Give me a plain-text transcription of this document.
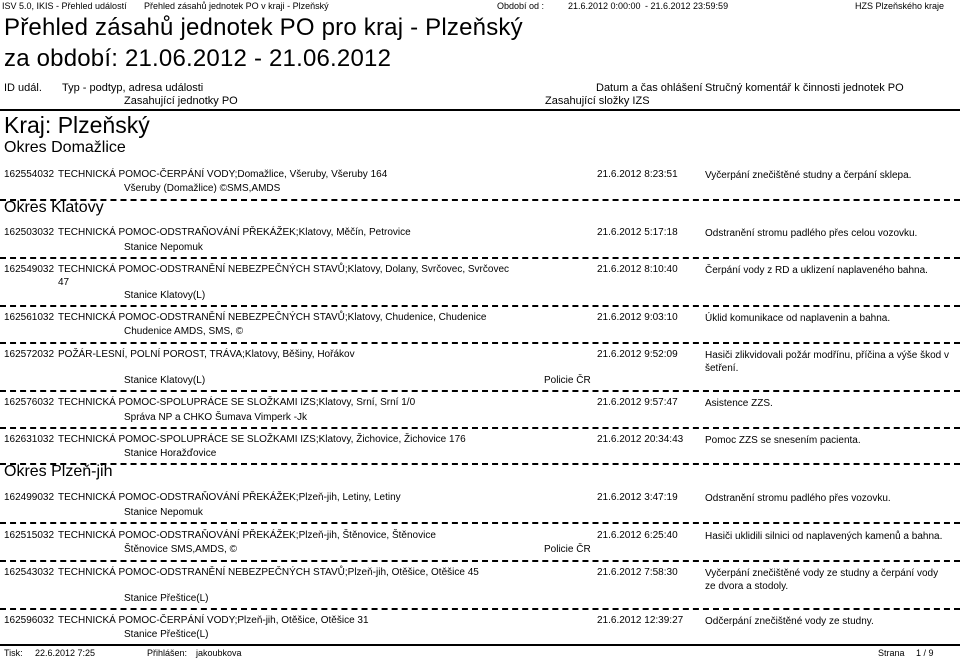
ISV 5.0, IKIS - Přehled událostí Přehled zásahů jednotek PO v kraji - Plzeňský	Období od :	21.6.2012 0:00:00 - 21.6.2012 23:59:59	HZS Plzeňského kraje
Přehled zásahů jednotek PO pro kraj - Plzeňský
za období: 21.06.2012 - 21.06.2012
ID udál. Typ - podtyp, adresa události
Zasahující jednotky PO
Datum a čas ohlášení
Zasahující složky IZS
Stručný komentář k činnosti jednotek PO
Kraj: Plzeňský
Okres Domažlice
162554032 TECHNICKÁ POMOC-ČERPÁNÍ VODY;Domažlice, Všeruby, Všeruby 164	21.6.2012 8:23:51	Vyčerpání znečištěné studny a čerpání sklepa.
Všeruby (Domažlice) ©SMS,AMDS
Okres Klatovy
162503032 TECHNICKÁ POMOC-ODSTRAŇOVÁNÍ PŘEKÁŽEK;Klatovy, Měčín, Petrovice	21.6.2012 5:17:18	Odstranění stromu padlého přes celou vozovku.
Stanice Nepomuk
162549032 TECHNICKÁ POMOC-ODSTRANĚNÍ NEBEZPEČNÝCH STAVŮ;Klatovy, Dolany, Svrčovec, Svrčovec
47
21.6.2012 8:10:40	Čerpání vody z RD a uklizení naplaveného bahna.
Stanice Klatovy(L)
162561032 TECHNICKÁ POMOC-ODSTRANĚNÍ NEBEZPEČNÝCH STAVŮ;Klatovy, Chudenice, Chudenice	21.6.2012 9:03:10	Úklid komunikace od naplavenin a bahna.
Chudenice AMDS, SMS, ©
162572032 POŽÁR-LESNÍ, POLNÍ POROST, TRÁVA;Klatovy, Běšiny, Hořákov	21.6.2012 9:52:09	Hasiči zlikvidovali požár modřínu, příčina a výše škod v šetření.
Stanice Klatovy(L)	Policie ČR
162576032 TECHNICKÁ POMOC-SPOLUPRÁCE SE SLOŽKAMI IZS;Klatovy, Srní, Srní 1/0	21.6.2012 9:57:47	Asistence ZZS.
Správa NP a CHKO Šumava Vimperk -Jk
162631032 TECHNICKÁ POMOC-SPOLUPRÁCE SE SLOŽKAMI IZS;Klatovy, Žichovice, Žichovice 176	21.6.2012 20:34:43 Pomoc ZZS se snesením pacienta.
Stanice Horažďovice
Okres Plzeň-jih
162499032 TECHNICKÁ POMOC-ODSTRAŇOVÁNÍ PŘEKÁŽEK;Plzeň-jih, Letiny, Letiny	21.6.2012 3:47:19	Odstranění stromu padlého přes vozovku.
Stanice Nepomuk
162515032 TECHNICKÁ POMOC-ODSTRAŇOVÁNÍ PŘEKÁŽEK;Plzeň-jih, Štěnovice, Štěnovice	21.6.2012 6:25:40	Hasiči uklidili silnici od naplavených kamenů a bahna.
Štěnovice SMS,AMDS, ©	Policie ČR
162543032 TECHNICKÁ POMOC-ODSTRANĚNÍ NEBEZPEČNÝCH STAVŮ;Plzeň-jih, Otěšice, Otěšice 45	21.6.2012 7:58:30	Vyčerpání znečištěné vody ze studny a čerpání vody ze dvora a stodoly.
Stanice Přeštice(L)
162596032 TECHNICKÁ POMOC-ČERPÁNÍ VODY;Plzeň-jih, Otěšice, Otěšice 31	21.6.2012 12:39:27 Odčerpání znečištěné vody ze studny.
Stanice Přeštice(L)
Tisk: 22.6.2012 7:25	Přihlášen: jakoubkova	Strana 1 / 9
